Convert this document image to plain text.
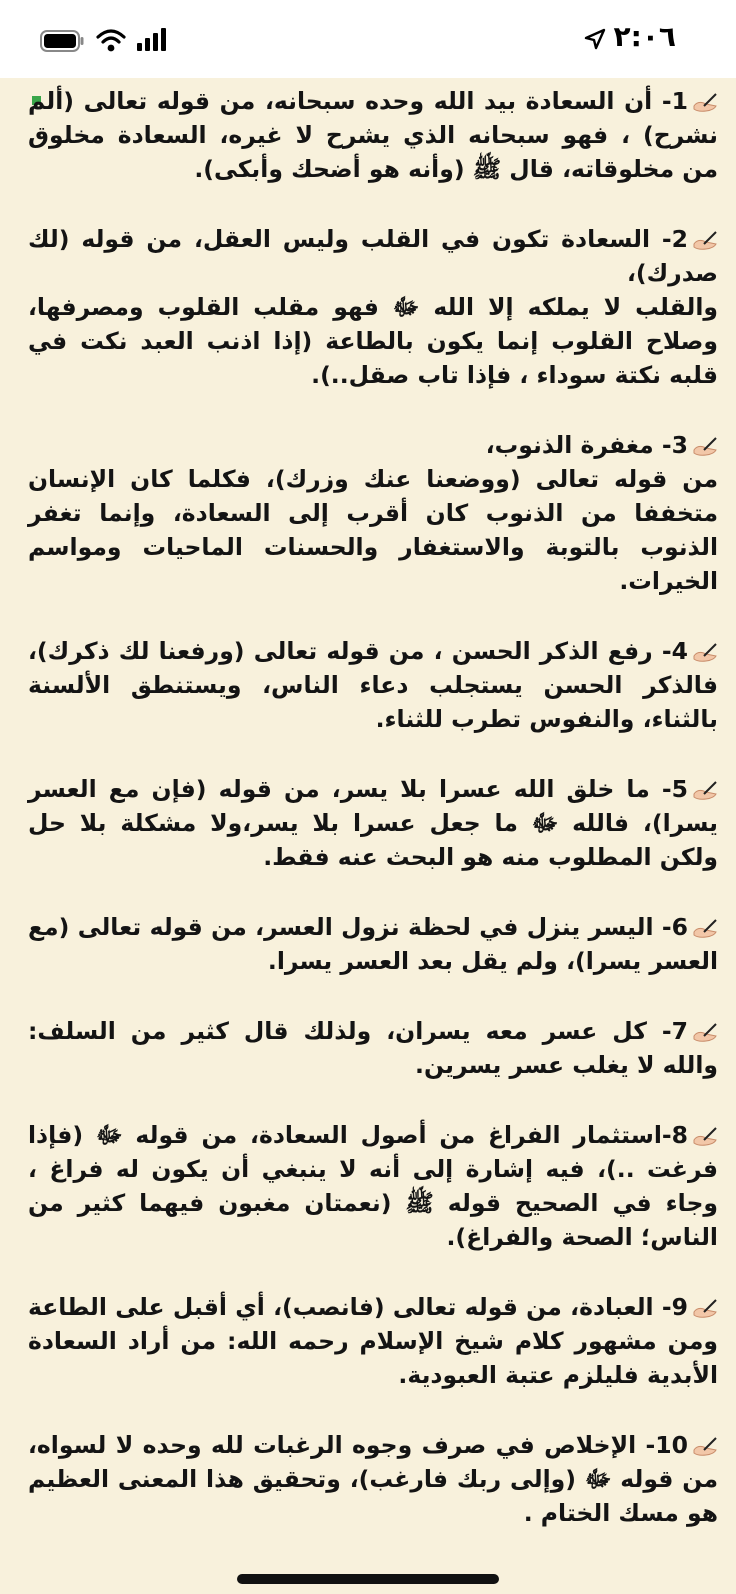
٢:٠٦

1- أن السعادة بيد الله وحده سبحانه، من قوله تعالى (ألم نشرح) ، فهو سبحانه الذي يشرح لا غيره، السعادة مخلوق من مخلوقاته، قال ﷺ (وأنه هو أضحك وأبكى).

2- السعادة تكون في القلب وليس العقل، من قوله (لك صدرك)،

والقلب لا يملكه إلا الله ﷻ فهو مقلب القلوب ومصرفها، وصلاح القلوب إنما يكون بالطاعة (إذا اذنب العبد نكت في قلبه نكتة سوداء ، فإذا تاب صقل..).

3- مغفرة الذنوب،

من قوله تعالى (ووضعنا عنك وزرك)، فكلما كان الإنسان متخففا من الذنوب كان أقرب إلى السعادة، وإنما تغفر الذنوب بالتوبة والاستغفار والحسنات الماحيات ومواسم الخيرات.

4- رفع الذكر الحسن ، من قوله تعالى (ورفعنا لك ذكرك)، فالذكر الحسن يستجلب دعاء الناس، ويستنطق الألسنة بالثناء، والنفوس تطرب للثناء.

5- ما خلق الله عسرا بلا يسر، من قوله (فإن مع العسر يسرا)، فالله ﷻ ما جعل عسرا بلا يسر،ولا مشكلة بلا حل ولكن المطلوب منه هو البحث عنه فقط.

6- اليسر ينزل في لحظة نزول العسر، من قوله تعالى (مع العسر يسرا)، ولم يقل بعد العسر يسرا.

7- كل عسر معه يسران، ولذلك قال كثير من السلف: والله لا يغلب عسر يسرين.

8-استثمار الفراغ من أصول السعادة، من قوله ﷻ (فإذا فرغت ..)، فيه إشارة إلى أنه لا ينبغي أن يكون له فراغ ، وجاء في الصحيح قوله ﷺ (نعمتان مغبون فيهما كثير من الناس؛ الصحة والفراغ).

9- العبادة، من قوله تعالى (فانصب)، أي أقبل على الطاعة ومن مشهور كلام شيخ الإسلام رحمه الله: من أراد السعادة الأبدية فليلزم عتبة العبودية.

10- الإخلاص في صرف وجوه الرغبات لله وحده لا لسواه، من قوله ﷻ (وإلى ربك فارغب)، وتحقيق هذا المعنى العظيم هو مسك الختام .
